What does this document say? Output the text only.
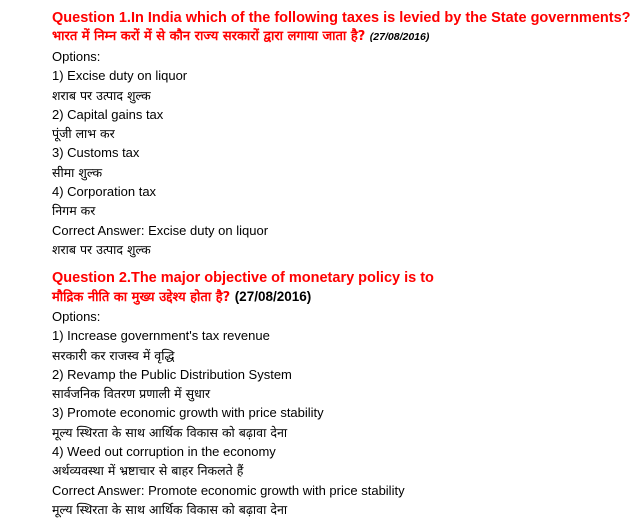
Question 1.In India which of the following taxes is levied by the State governments?
भारत में निम्न करों में से कौन राज्य सरकारों द्वारा लगाया जाता है? (27/08/2016)
Options:
1) Excise duty on liquor
शराब पर उत्पाद शुल्क
2) Capital gains tax
पूंजी लाभ कर
3) Customs tax
सीमा शुल्क
4) Corporation tax
निगम कर
Correct Answer: Excise duty on liquor
शराब पर उत्पाद शुल्क
Question 2.The major objective of monetary policy is to
मौद्रिक नीति का मुख्य उद्देश्य होता है? (27/08/2016)
Options:
1) Increase government's tax revenue
सरकारी कर राजस्व में वृद्धि
2) Revamp the Public Distribution System
सार्वजनिक वितरण प्रणाली में सुधार
3) Promote economic growth with price stability
मूल्य स्थिरता के साथ आर्थिक विकास को बढ़ावा देना
4) Weed out corruption in the economy
अर्थव्यवस्था में भ्रष्टाचार से बाहर निकलते हैं
Correct Answer: Promote economic growth with price stability
मूल्य स्थिरता के साथ आर्थिक विकास को बढ़ावा देना
